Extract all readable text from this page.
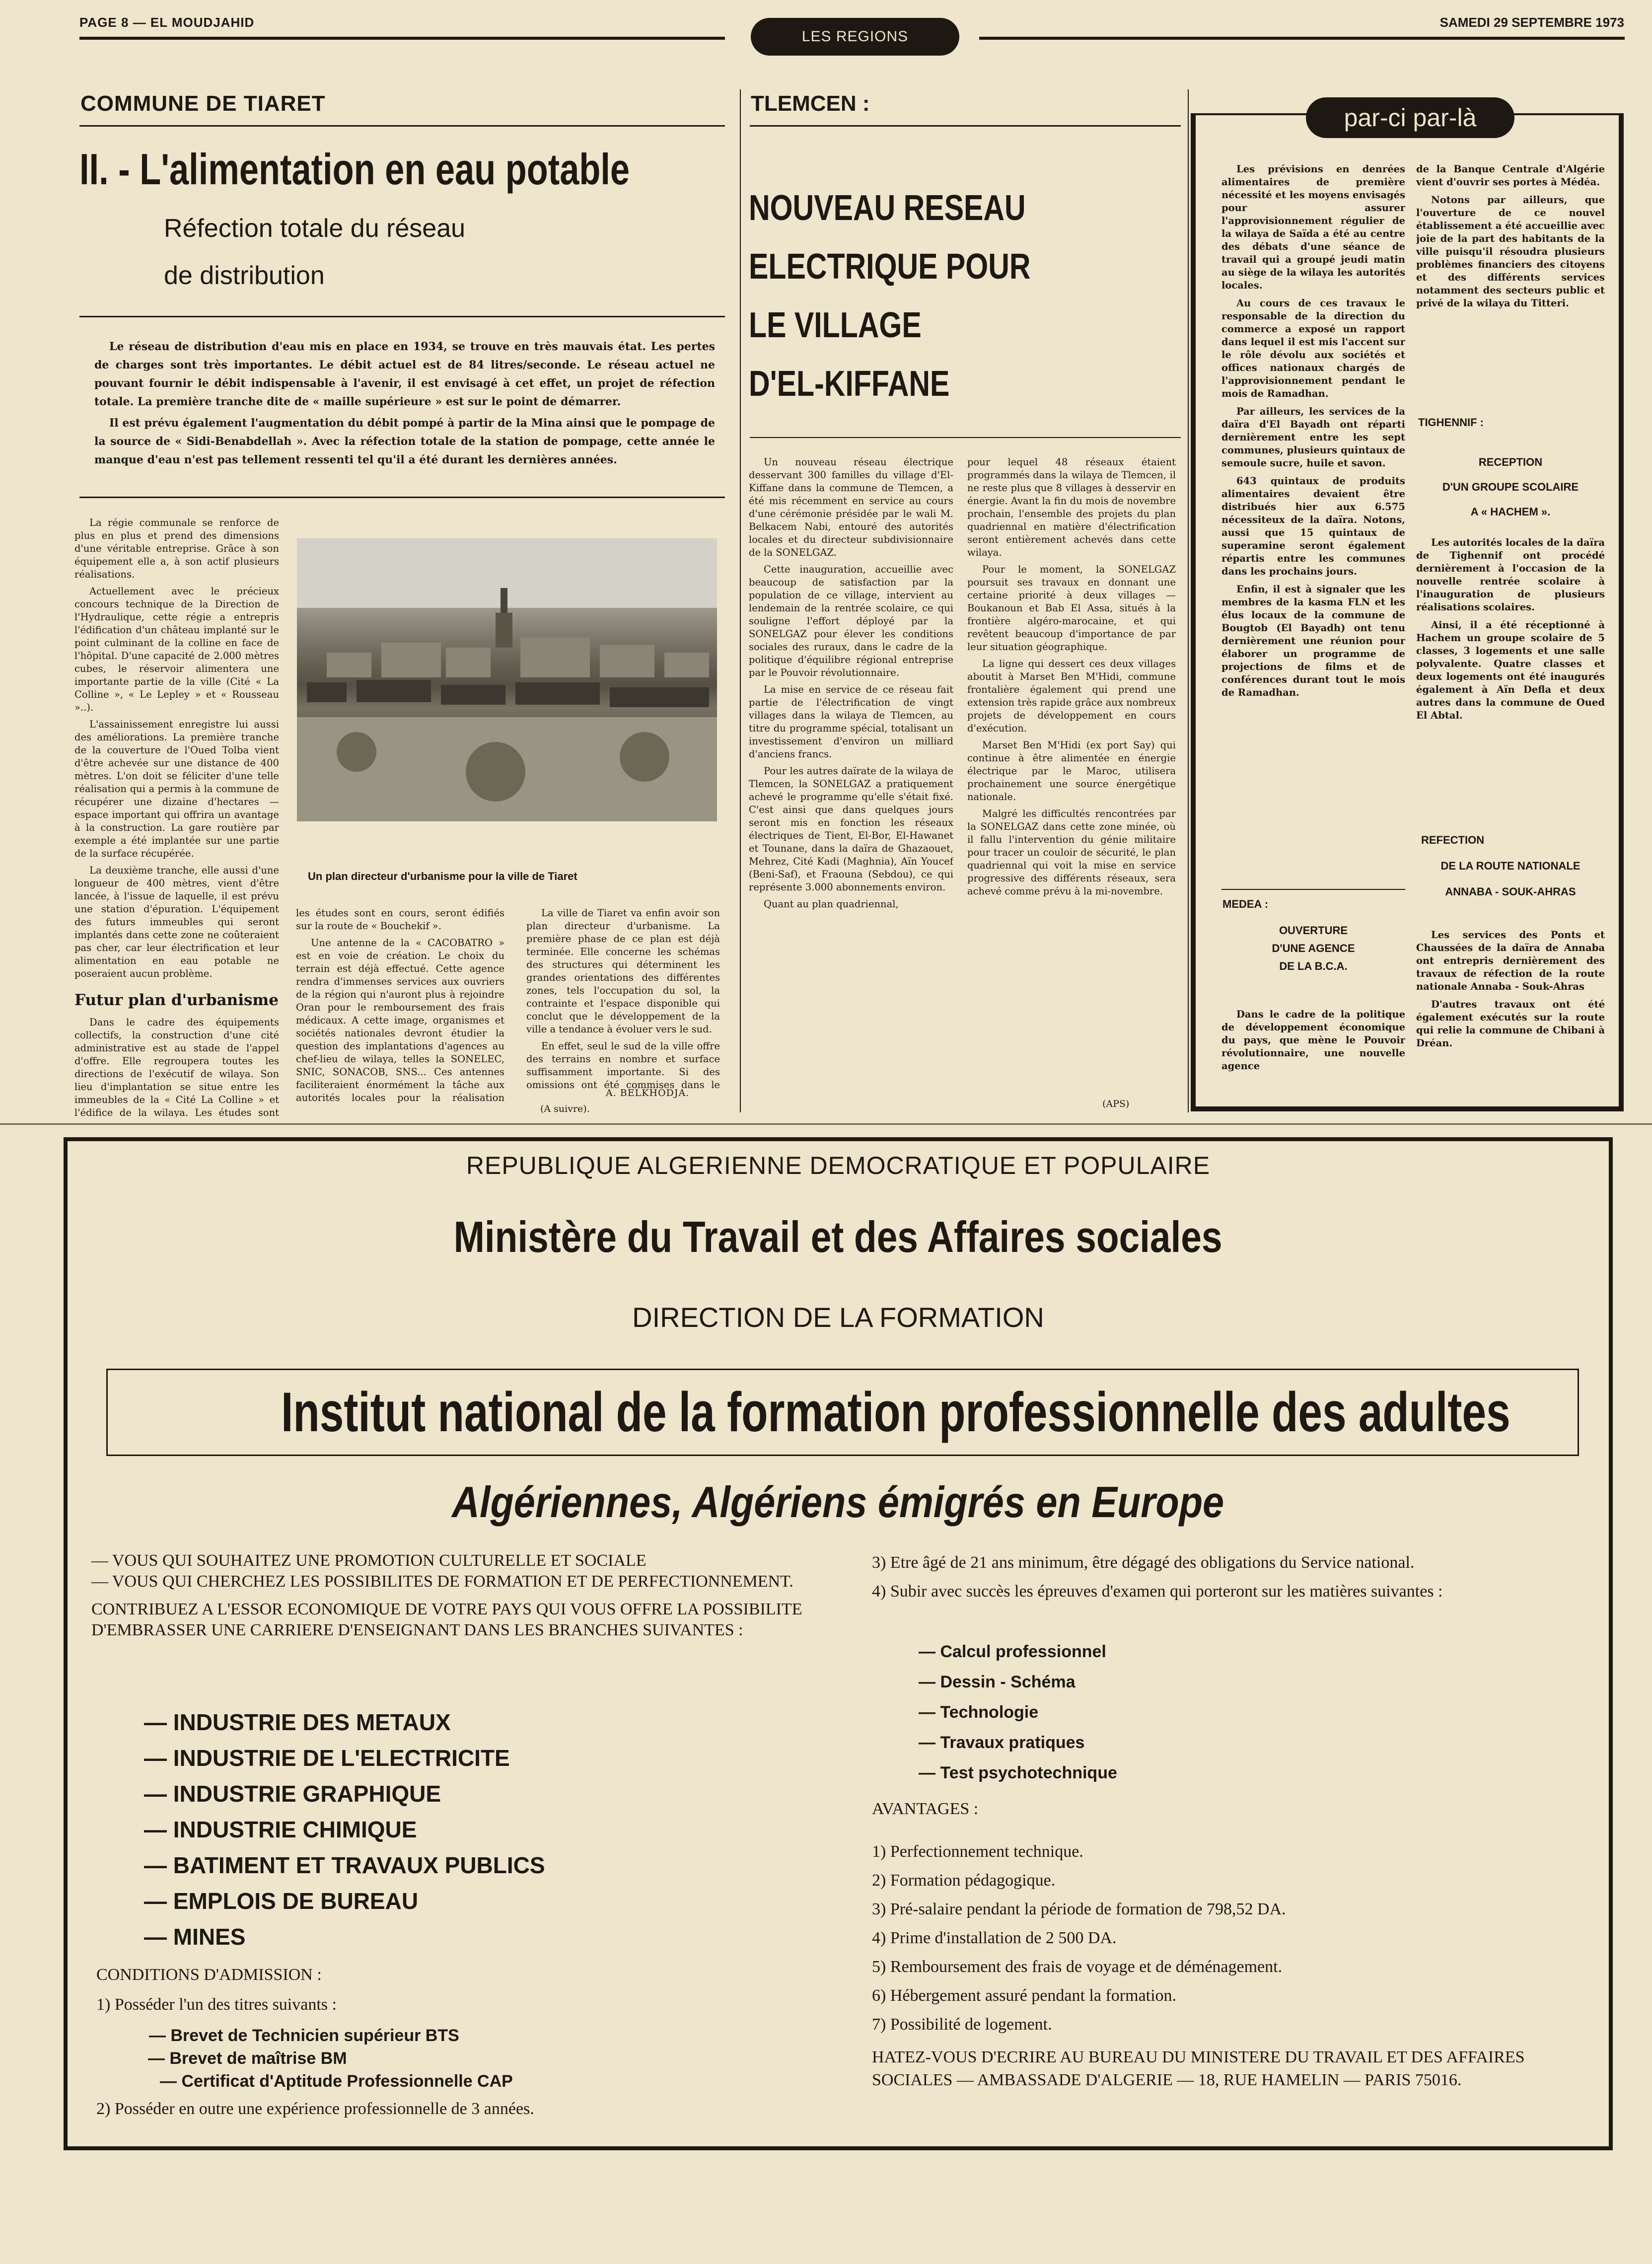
PAGE 8 — EL MOUDJAHID
LES REGIONS
SAMEDI 29 SEPTEMBRE 1973
COMMUNE DE TIARET
II. - L'alimentation en eau potable
Réfection totale du réseau
de distribution

Le réseau de distribution d'eau mis en place en 1934, se trouve en très mauvais état. Les pertes de charges sont très importantes. Le débit actuel est de 84 litres/seconde. Le réseau actuel ne pouvant fournir le débit indispensable à l'avenir, il est envisagé à cet effet, un projet de réfection totale. La première tranche dite de « maille supérieure » est sur le point de démarrer.

Il est prévu également l'augmentation du débit pompé à partir de la Mina ainsi que le pompage de la source de « Sidi-Benabdellah ». Avec la réfection totale de la station de pompage, cette année le manque d'eau n'est pas tellement ressenti tel qu'il a été durant les dernières années.

La régie communale se renforce de plus en plus et prend des dimensions d'une véritable entreprise. Grâce à son équipement elle a, à son actif plusieurs réalisations.

Actuellement avec le précieux concours technique de la Direction de l'Hydraulique, cette régie a entrepris l'édification d'un château implanté sur le point culminant de la colline en face de l'hôpital. D'une capacité de 2.000 mètres cubes, le réservoir alimentera une importante partie de la ville (Cité « La Colline », « Le Lepley » et « Rousseau »..).

L'assainissement enregistre lui aussi des améliorations. La première tranche de la couverture de l'Oued Tolba vient d'être achevée sur une distance de 400 mètres. L'on doit se féliciter d'une telle réalisation qui a permis à la commune de récupérer une dizaine d'hectares — espace important qui offrira un avantage à la construction. La gare routière par exemple a été implantée sur une partie de la surface récupérée.

La deuxième tranche, elle aussi d'une longueur de 400 mètres, vient d'être lancée, à l'issue de laquelle, il est prévu une station d'épuration. L'équipement des futurs immeubles qui seront implantés dans cette zone ne coûteraient pas cher, car leur électrification et leur alimentation en eau potable ne poseraient aucun problème.

Futur plan d'urbanisme

Dans le cadre des équipements collectifs, la construction d'une cité administrative est au stade de l'appel d'offre. Elle regroupera toutes les directions de l'exécutif de wilaya. Son lieu d'implantation se situe entre les immeubles de la « Cité La Colline » et l'édifice de la wilaya. Les études sont

Un plan directeur d'urbanisme pour la ville de Tiaret

les études sont en cours, seront édifiés sur la route de « Bouchekif ».

Une antenne de la « CACOBATRO » est en voie de création. Le choix du terrain est déjà effectué. Cette agence rendra d'immenses services aux ouvriers de la région qui n'auront plus à rejoindre Oran pour le remboursement des frais médicaux. A cette image, organismes et sociétés nationales devront étudier la question des implantations d'agences au chef-lieu de wilaya, telles la SONELEC, SNIC, SONACOB, SNS... Ces antennes faciliteraient énormément la tâche aux autorités locales pour la réalisation

La ville de Tiaret va enfin avoir son plan directeur d'urbanisme. La première phase de ce plan est déjà terminée. Elle concerne les schémas des structures qui déterminent les grandes orientations des différentes zones, tels l'occupation du sol, la contrainte et l'espace disponible qui conclut que le développement de la ville a tendance à évoluer vers le sud.

En effet, seul le sud de la ville offre des terrains en nombre et surface suffisamment importante. Si des omissions ont été commises dans le

A. BELKHODJA.
(A suivre).
TLEMCEN :
NOUVEAU RESEAU
ELECTRIQUE POUR
LE VILLAGE
D'EL-KIFFANE

Un nouveau réseau électrique desservant 300 familles du village d'El-Kiffane dans la commune de Tlemcen, a été mis récemment en service au cours d'une cérémonie présidée par le wali M. Belkacem Nabi, entouré des autorités locales et du directeur subdivisionnaire de la SONELGAZ.

Cette inauguration, accueillie avec beaucoup de satisfaction par la population de ce village, intervient au lendemain de la rentrée scolaire, ce qui souligne l'effort déployé par la SONELGAZ pour élever les conditions sociales des ruraux, dans le cadre de la politique d'équilibre régional entreprise par le Pouvoir révolutionnaire.

La mise en service de ce réseau fait partie de l'électrification de vingt villages dans la wilaya de Tlemcen, au titre du programme spécial, totalisant un investissement d'environ un milliard d'anciens francs.

Pour les autres daïrate de la wilaya de Tlemcen, la SONELGAZ a pratiquement achevé le programme qu'elle s'était fixé. C'est ainsi que dans quelques jours seront mis en fonction les réseaux électriques de Tient, El-Bor, El-Hawanet et Tounane, dans la daïra de Ghazaouet, Mehrez, Cité Kadi (Maghnia), Aïn Youcef (Beni-Saf), et Fraouna (Sebdou), ce qui représente 3.000 abonnements environ.

Quant au plan quadriennal,

pour lequel 48 réseaux étaient programmés dans la wilaya de Tlemcen, il ne reste plus que 8 villages à desservir en énergie. Avant la fin du mois de novembre prochain, l'ensemble des projets du plan quadriennal en matière d'électrification seront entièrement achevés dans cette wilaya.

Pour le moment, la SONELGAZ poursuit ses travaux en donnant une certaine priorité à deux villages — Boukanoun et Bab El Assa, situés à la frontière algéro-marocaine, et qui revêtent beaucoup d'importance de par leur situation géographique.

La ligne qui dessert ces deux villages aboutit à Marset Ben M'Hidi, commune frontalière également qui prend une extension très rapide grâce aux nombreux projets de développement en cours d'exécution.

Marset Ben M'Hidi (ex port Say) qui continue à être alimentée en énergie électrique par le Maroc, utilisera prochainement une source énergétique nationale.

Malgré les difficultés rencontrées par la SONELGAZ dans cette zone minée, où il fallu l'intervention du génie militaire pour tracer un couloir de sécurité, le plan quadriennal qui voit la mise en service progressive des différents réseaux, sera achevé comme prévu à la mi-novembre.

(APS)
par-ci par-là

Les prévisions en denrées alimentaires de première nécessité et les moyens envisagés pour assurer l'approvisionnement régulier de la wilaya de Saïda a été au centre des débats d'une séance de travail qui a groupé jeudi matin au siège de la wilaya les autorités locales.

Au cours de ces travaux le responsable de la direction du commerce a exposé un rapport dans lequel il est mis l'accent sur le rôle dévolu aux sociétés et offices nationaux chargés de l'approvisionnement pendant le mois de Ramadhan.

Par ailleurs, les services de la daïra d'El Bayadh ont réparti dernièrement entre les sept communes, plusieurs quintaux de semoule sucre, huile et savon.

643 quintaux de produits alimentaires devaient être distribués hier aux 6.575 nécessiteux de la daïra. Notons, aussi que 15 quintaux de superamine seront également répartis entre les communes dans les prochains jours.

Enfin, il est à signaler que les membres de la kasma FLN et les élus locaux de la commune de Bougtob (El Bayadh) ont tenu dernièrement une réunion pour élaborer un programme de projections de films et de conférences durant tout le mois de Ramadhan.

MEDEA :
OUVERTURE
D'UNE AGENCE
DE LA B.C.A.

Dans le cadre de la politique de développement économique du pays, que mène le Pouvoir révolutionnaire, une nouvelle agence

de la Banque Centrale d'Algérie vient d'ouvrir ses portes à Médéa.

Notons par ailleurs, que l'ouverture de ce nouvel établissement a été accueillie avec joie de la part des habitants de la ville puisqu'il résoudra plusieurs problèmes financiers des citoyens et des différents services notamment des secteurs public et privé de la wilaya du Titteri.

TIGHENNIF :
RECEPTION
D'UN GROUPE SCOLAIRE
A « HACHEM ».

Les autorités locales de la daïra de Tighennif ont procédé dernièrement à l'occasion de la nouvelle rentrée scolaire à l'inauguration de plusieurs réalisations scolaires.

Ainsi, il a été réceptionné à Hachem un groupe scolaire de 5 classes, 3 logements et une salle polyvalente. Quatre classes et deux logements ont été inaugurés également à Aïn Defla et deux autres dans la commune de Oued El Abtal.

REFECTION
DE LA ROUTE NATIONALE
ANNABA - SOUK-AHRAS

Les services des Ponts et Chaussées de la daïra de Annaba ont entrepris dernièrement des travaux de réfection de la route nationale Annaba - Souk-Ahras

D'autres travaux ont été également exécutés sur la route qui relie la commune de Chibani à Dréan.

REPUBLIQUE ALGERIENNE DEMOCRATIQUE ET POPULAIRE
Ministère du Travail et des Affaires sociales
DIRECTION DE LA FORMATION
Institut national de la formation professionnelle des adultes
Algériennes, Algériens émigrés en Europe
— VOUS QUI SOUHAITEZ UNE PROMOTION CULTURELLE ET SOCIALE
— VOUS QUI CHERCHEZ LES POSSIBILITES DE FORMATION ET DE PERFECTIONNEMENT.
CONTRIBUEZ A L'ESSOR ECONOMIQUE DE VOTRE PAYS QUI VOUS OFFRE LA POSSIBILITE D'EMBRASSER UNE CARRIERE D'ENSEIGNANT DANS LES BRANCHES SUIVANTES :
— INDUSTRIE DES METAUX
— INDUSTRIE DE L'ELECTRICITE
— INDUSTRIE GRAPHIQUE
— INDUSTRIE CHIMIQUE
— BATIMENT ET TRAVAUX PUBLICS
— EMPLOIS DE BUREAU
— MINES
CONDITIONS D'ADMISSION :
1) Posséder l'un des titres suivants :
— Brevet de Technicien supérieur BTS
— Brevet de maîtrise BM
— Certificat d'Aptitude Professionnelle CAP
2) Posséder en outre une expérience professionnelle de 3 années.
3) Etre âgé de 21 ans minimum, être dégagé des obligations du Service national.
4) Subir avec succès les épreuves d'examen qui porteront sur les matières suivantes :
— Calcul professionnel
— Dessin - Schéma
— Technologie
— Travaux pratiques
— Test psychotechnique
AVANTAGES :
1) Perfectionnement technique.
2) Formation pédagogique.
3) Pré-salaire pendant la période de formation de 798,52 DA.
4) Prime d'installation de 2 500 DA.
5) Remboursement des frais de voyage et de déménagement.
6) Hébergement assuré pendant la formation.
7) Possibilité de logement.
HATEZ-VOUS D'ECRIRE AU BUREAU DU MINISTERE DU TRAVAIL ET DES AFFAIRES SOCIALES — AMBASSADE D'ALGERIE — 18, RUE HAMELIN — PARIS 75016.
